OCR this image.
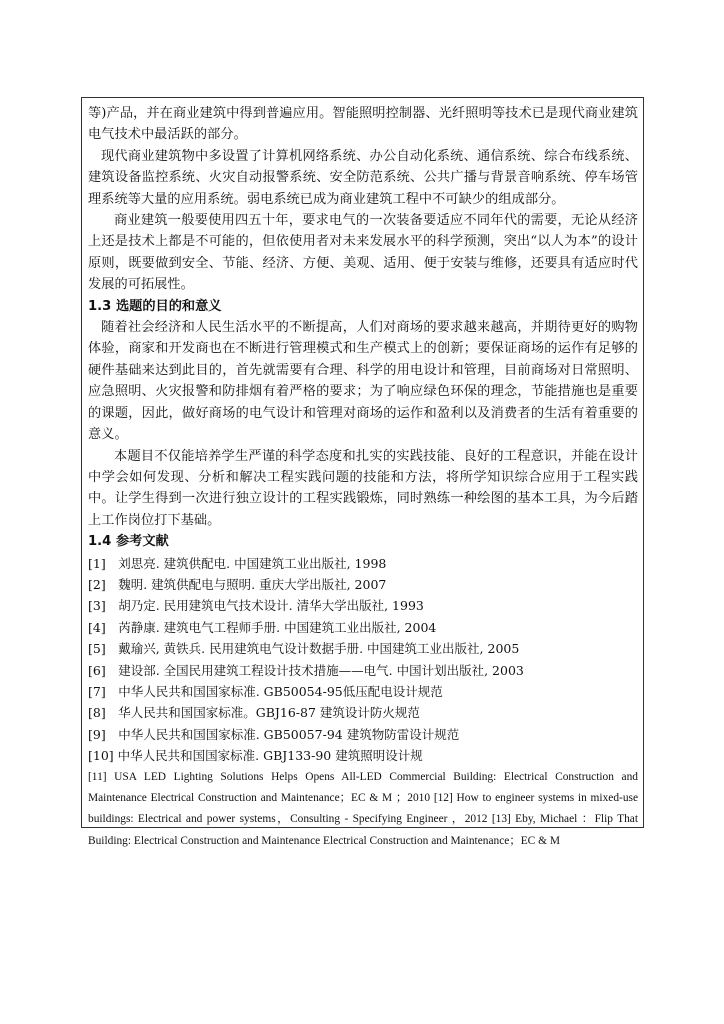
等)产品，并在商业建筑中得到普遍应用。智能照明控制器、光纤照明等技术已是现代商业建筑电气技术中最活跃的部分。

现代商业建筑物中多设置了计算机网络系统、办公自动化系统、通信系统、综合布线系统、建筑设备监控系统、火灾自动报警系统、安全防范系统、公共广播与背景音响系统、停车场管理系统等大量的应用系统。弱电系统已成为商业建筑工程中不可缺少的组成部分。

商业建筑一般要使用四五十年，要求电气的一次装备要适应不同年代的需要，无论从经济上还是技术上都是不可能的，但依使用者对未来发展水平的科学预测，突出“以人为本”的设计原则，既要做到安全、节能、经济、方便、美观、适用、便于安装与维修，还要具有适应时代发展的可拓展性。

1.3 选题的目的和意义

随着社会经济和人民生活水平的不断提高，人们对商场的要求越来越高，并期待更好的购物体验，商家和开发商也在不断进行管理模式和生产模式上的创新；要保证商场的运作有足够的硬件基础来达到此目的，首先就需要有合理、科学的用电设计和管理，目前商场对日常照明、应急照明、火灾报警和防排烟有着严格的要求；为了响应绿色环保的理念，节能措施也是重要的课题，因此，做好商场的电气设计和管理对商场的运作和盈利以及消费者的生活有着重要的意义。

本题目不仅能培养学生严谨的科学态度和扎实的实践技能、良好的工程意识，并能在设计中学会如何发现、分析和解决工程实践问题的技能和方法，将所学知识综合应用于工程实践中。让学生得到一次进行独立设计的工程实践锻炼，同时熟练一种绘图的基本工具，为今后踏上工作岗位打下基础。

1.4 参考文献

[1]　刘思亮. 建筑供配电. 中国建筑工业出版社, 1998

[2]　魏明. 建筑供配电与照明. 重庆大学出版社, 2007

[3]　胡乃定. 民用建筑电气技术设计. 清华大学出版社, 1993

[4]　芮静康. 建筑电气工程师手册. 中国建筑工业出版社, 2004

[5]　戴瑜兴, 黄铁兵. 民用建筑电气设计数据手册. 中国建筑工业出版社, 2005

[6]　建设部. 全国民用建筑工程设计技术措施——电气. 中国计划出版社, 2003

[7]　中华人民共和国国家标准. GB50054-95低压配电设计规范

[8]　华人民共和国国家标准。GBJ16-87 建筑设计防火规范

[9]　中华人民共和国国家标准. GB50057-94 建筑物防雷设计规范

[10] 中华人民共和国国家标准. GBJ133-90 建筑照明设计规

[11] USA LED Lighting Solutions Helps Opens All-LED Commercial Building: Electrical Construction and Maintenance Electrical Construction and Maintenance；EC & M ；2010 [12] How to engineer systems in mixed-use buildings: Electrical and power systems，Consulting - Specifying Engineer ，2012 [13] Eby, Michael ：Flip That Building: Electrical Construction and Maintenance Electrical Construction and Maintenance；EC & M
